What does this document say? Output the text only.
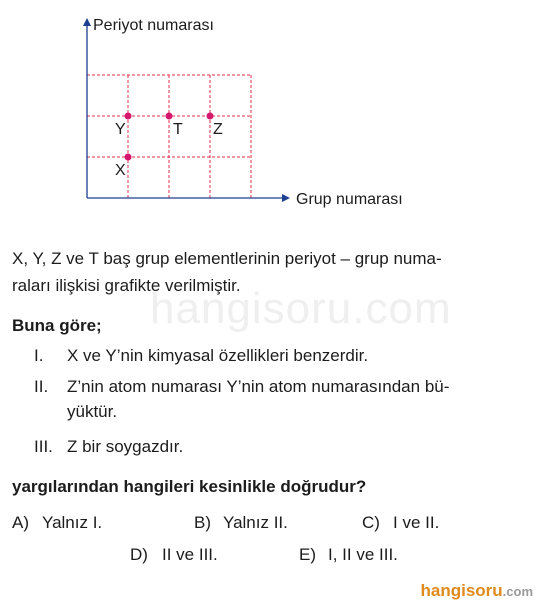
hangisoru.com
Periyot numarası
Grup numarası
X
Y	T Z
X, Y, Z ve T baş grup elementlerinin periyot – grup numa-
raları ilişkisi grafikte verilmiştir.
Buna göre;
I. X ve Y’nin kimyasal özellikleri benzerdir.
II. Z’nin atom numarası Y’nin atom numarasından bü-
yüktür.
III. Z bir soygazdır.
yargılarından hangileri kesinlikle doğrudur?
A) Yalnız I.	B) Yalnız II.	C) I ve II.
D) II ve III.	E) I, II ve III.
hangisoru.com
